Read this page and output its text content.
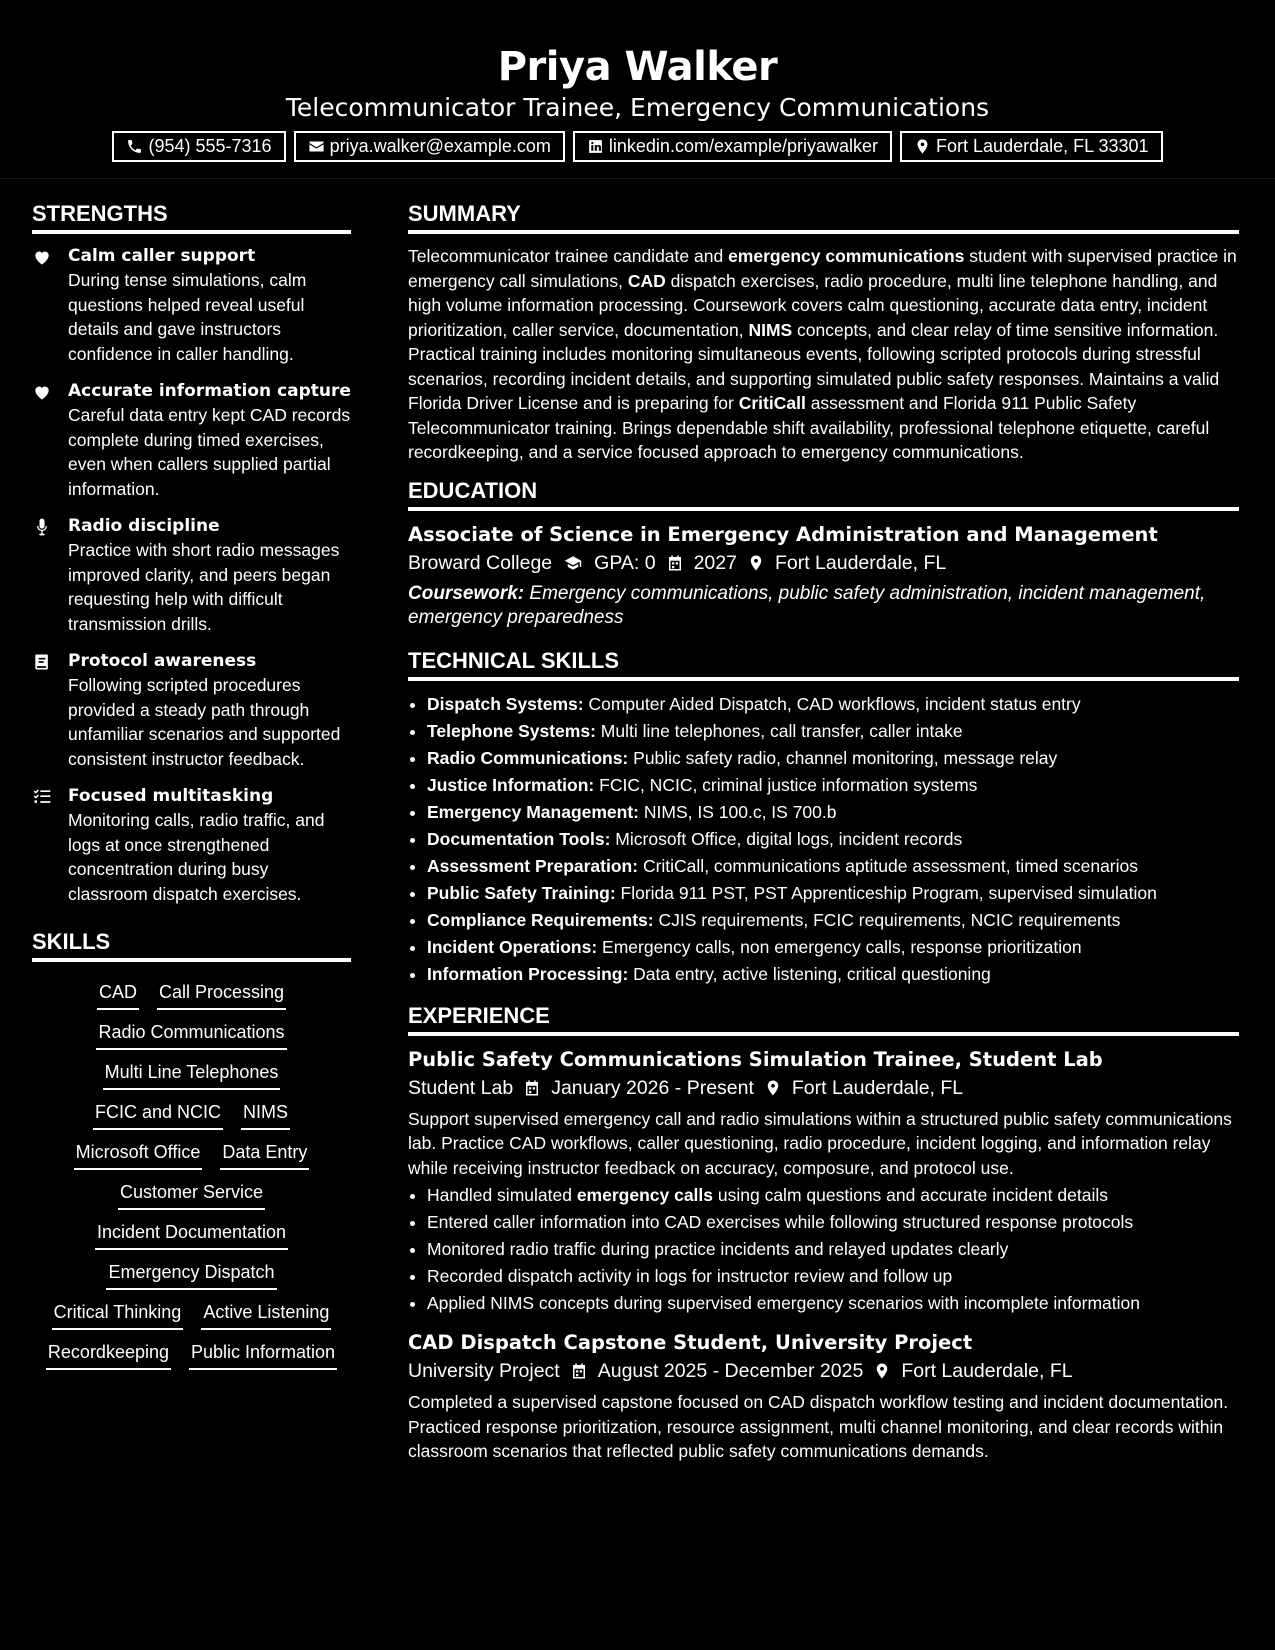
Priya Walker
Telecommunicator Trainee, Emergency Communications
(954) 555-7316	priya.walker@example.com	linkedin.com/example/priyawalker	Fort Lauderdale, FL 33301
STRENGTHS
Calm caller support
During tense simulations, calm questions helped reveal useful details and gave instructors confidence in caller handling.
Accurate information capture
Careful data entry kept CAD records complete during timed exercises, even when callers supplied partial information.
Radio discipline
Practice with short radio messages improved clarity, and peers began requesting help with difficult transmission drills.
Protocol awareness
Following scripted procedures provided a steady path through unfamiliar scenarios and supported consistent instructor feedback.
Focused multitasking
Monitoring calls, radio traffic, and logs at once strengthened concentration during busy classroom dispatch exercises.
SKILLS
CAD Call Processing
Radio Communications
Multi Line Telephones
FCIC and NCIC NIMS
Microsoft Office Data Entry
Customer Service
Incident Documentation
Emergency Dispatch
Critical Thinking Active Listening
Recordkeeping Public Information
SUMMARY
Telecommunicator trainee candidate and emergency communications student with supervised practice in emergency call simulations, CAD dispatch exercises, radio procedure, multi line telephone handling, and high volume information processing. Coursework covers calm questioning, accurate data entry, incident prioritization, caller service, documentation, NIMS concepts, and clear relay of time sensitive information. Practical training includes monitoring simultaneous events, following scripted protocols during stressful scenarios, recording incident details, and supporting simulated public safety responses. Maintains a valid Florida Driver License and is preparing for CritiCall assessment and Florida 911 Public Safety Telecommunicator training. Brings dependable shift availability, professional telephone etiquette, careful recordkeeping, and a service focused approach to emergency communications.
EDUCATION
Associate of Science in Emergency Administration and Management
Broward College GPA: 0 2027 Fort Lauderdale, FL
Coursework: Emergency communications, public safety administration, incident management, emergency preparedness
TECHNICAL SKILLS
• Dispatch Systems: Computer Aided Dispatch, CAD workflows, incident status entry
• Telephone Systems: Multi line telephones, call transfer, caller intake
• Radio Communications: Public safety radio, channel monitoring, message relay
• Justice Information: FCIC, NCIC, criminal justice information systems
• Emergency Management: NIMS, IS 100.c, IS 700.b
• Documentation Tools: Microsoft Office, digital logs, incident records
• Assessment Preparation: CritiCall, communications aptitude assessment, timed scenarios
• Public Safety Training: Florida 911 PST, PST Apprenticeship Program, supervised simulation
• Compliance Requirements: CJIS requirements, FCIC requirements, NCIC requirements
• Incident Operations: Emergency calls, non emergency calls, response prioritization
• Information Processing: Data entry, active listening, critical questioning
EXPERIENCE
Public Safety Communications Simulation Trainee, Student Lab
Student Lab January 2026 - Present Fort Lauderdale, FL
Support supervised emergency call and radio simulations within a structured public safety communications lab. Practice CAD workflows, caller questioning, radio procedure, incident logging, and information relay while receiving instructor feedback on accuracy, composure, and protocol use.
• Handled simulated emergency calls using calm questions and accurate incident details
• Entered caller information into CAD exercises while following structured response protocols
• Monitored radio traffic during practice incidents and relayed updates clearly
• Recorded dispatch activity in logs for instructor review and follow up
• Applied NIMS concepts during supervised emergency scenarios with incomplete information
CAD Dispatch Capstone Student, University Project
University Project August 2025 - December 2025 Fort Lauderdale, FL
Completed a supervised capstone focused on CAD dispatch workflow testing and incident documentation. Practiced response prioritization, resource assignment, multi channel monitoring, and clear records within classroom scenarios that reflected public safety communications demands.
